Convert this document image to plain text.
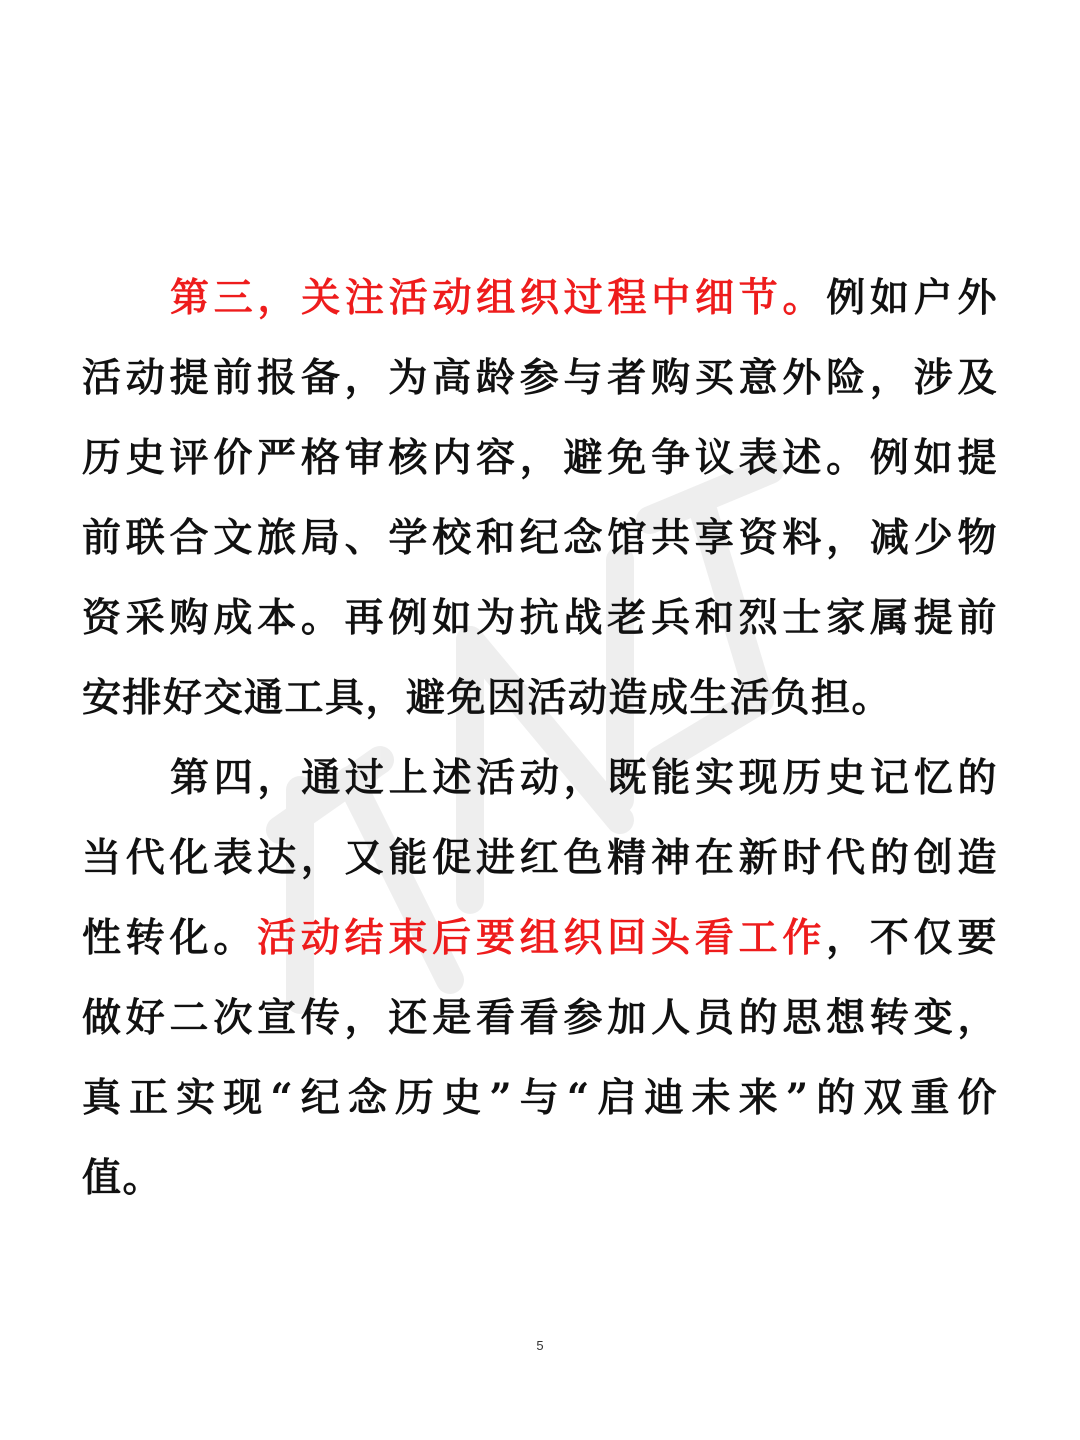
第三，关注活动组织过程中细节。例如户外
活动提前报备，为高龄参与者购买意外险，涉及
历史评价严格审核内容，避免争议表述。例如提
前联合文旅局、学校和纪念馆共享资料，减少物
资采购成本。再例如为抗战老兵和烈士家属提前
安排好交通工具，避免因活动造成生活负担。
第四，通过上述活动，既能实现历史记忆的
当代化表达，又能促进红色精神在新时代的创造
性转化。活动结束后要组织回头看工作，不仅要
做好二次宣传，还是看看参加人员的思想转变，
真正实现“纪念历史”与“启迪未来”的双重价
值。
5
